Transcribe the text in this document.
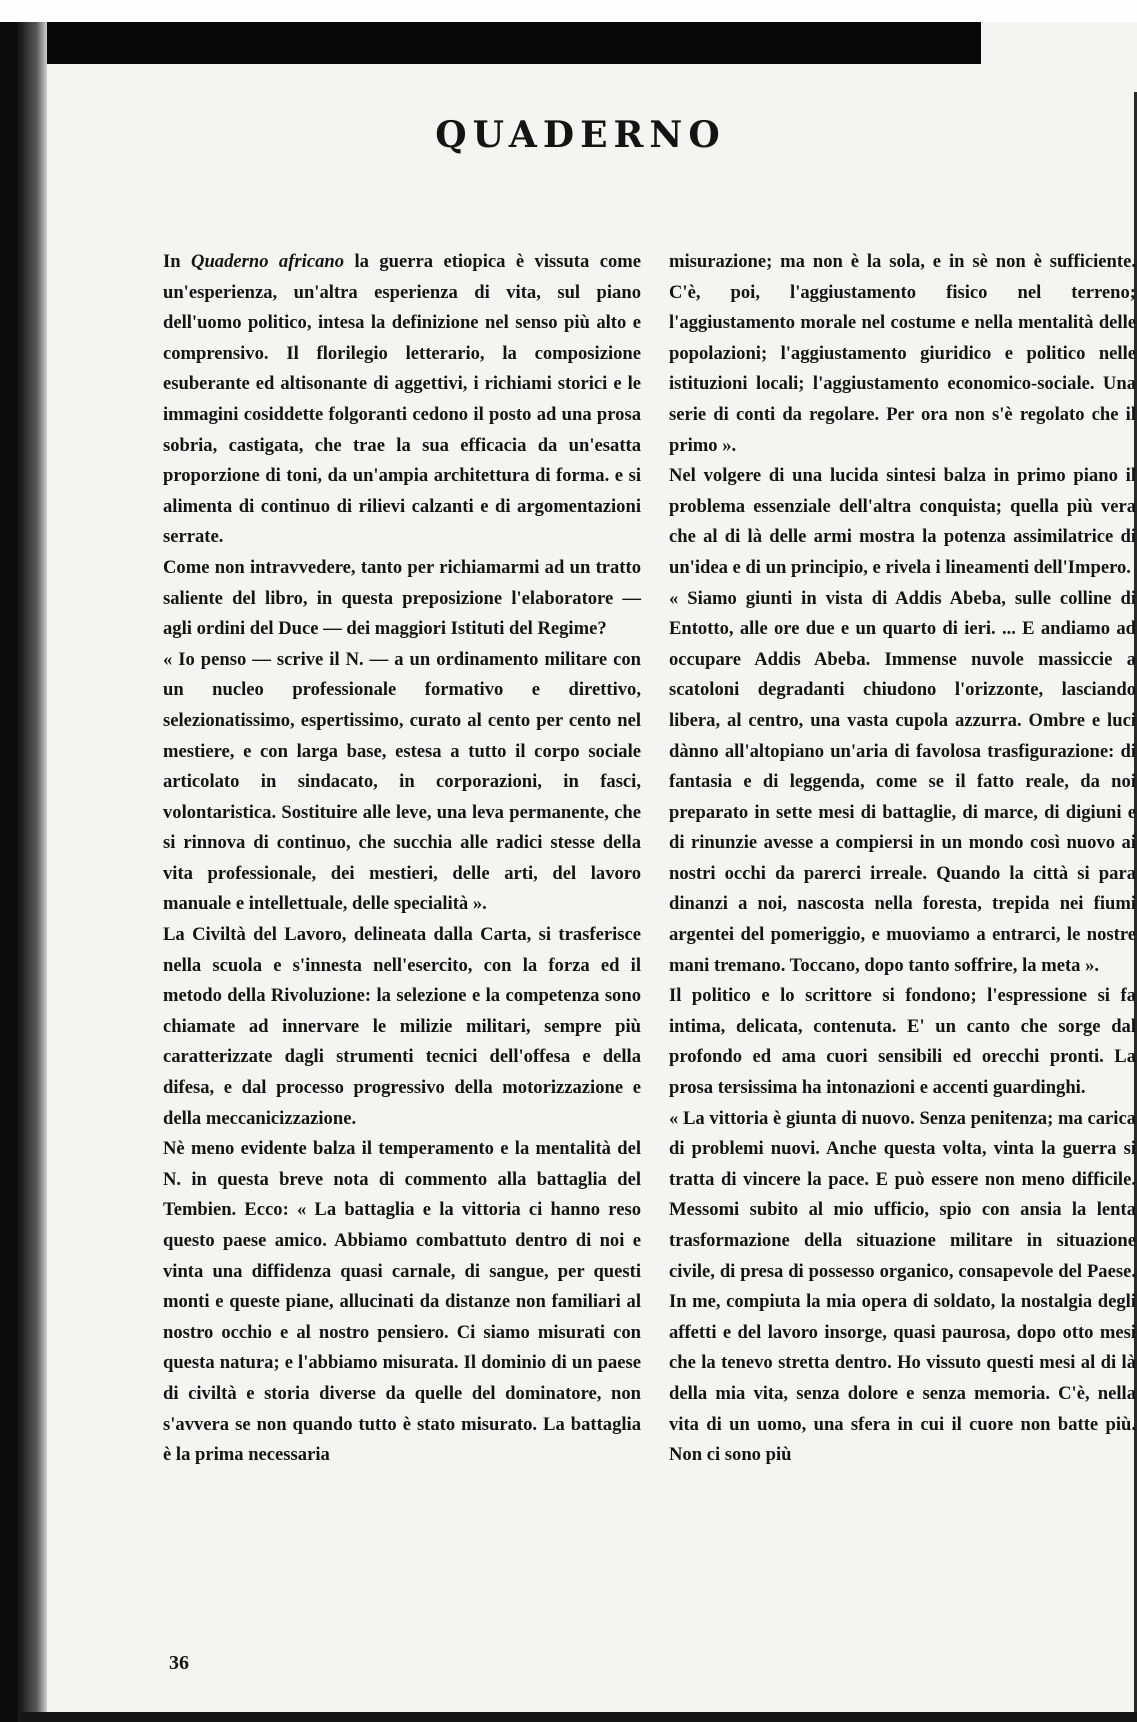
QUADERNO

In Quaderno africano la guerra etiopica è vissuta come un'esperienza, un'altra esperienza di vita, sul piano dell'uomo politico, intesa la definizione nel senso più alto e comprensivo. Il florilegio letterario, la composizione esuberante ed altisonante di aggettivi, i richiami storici e le immagini cosiddette folgoranti cedono il posto ad una prosa sobria, castigata, che trae la sua efficacia da un'esatta proporzione di toni, da un'ampia architettura di forma. e si alimenta di continuo di rilievi calzanti e di argomentazioni serrate.

Come non intravvedere, tanto per richiamarmi ad un tratto saliente del libro, in questa preposizione l'elaboratore — agli ordini del Duce — dei maggiori Istituti del Regime?

« Io penso — scrive il N. — a un ordinamento militare con un nucleo professionale formativo e direttivo, selezionatissimo, espertissimo, curato al cento per cento nel mestiere, e con larga base, estesa a tutto il corpo sociale articolato in sindacato, in corporazioni, in fasci, volontaristica. Sostituire alle leve, una leva permanente, che si rinnova di continuo, che succhia alle radici stesse della vita professionale, dei mestieri, delle arti, del lavoro manuale e intellettuale, delle specialità ».

La Civiltà del Lavoro, delineata dalla Carta, si trasferisce nella scuola e s'innesta nell'esercito, con la forza ed il metodo della Rivoluzione: la selezione e la competenza sono chiamate ad innervare le milizie militari, sempre più caratterizzate dagli strumenti tecnici dell'offesa e della difesa, e dal processo progressivo della motorizzazione e della meccanicizzazione.

Nè meno evidente balza il temperamento e la mentalità del N. in questa breve nota di commento alla battaglia del Tembien. Ecco: « La battaglia e la vittoria ci hanno reso questo paese amico. Abbiamo combattuto dentro di noi e vinta una diffidenza quasi carnale, di sangue, per questi monti e queste piane, allucinati da distanze non familiari al nostro occhio e al nostro pensiero. Ci siamo misurati con questa natura; e l'abbiamo misurata. Il dominio di un paese di civiltà e storia diverse da quelle del dominatore, non s'avvera se non quando tutto è stato misurato. La battaglia è la prima necessaria

misurazione; ma non è la sola, e in sè non è sufficiente. C'è, poi, l'aggiustamento fisico nel terreno; l'aggiustamento morale nel costume e nella mentalità delle popolazioni; l'aggiustamento giuridico e politico nelle istituzioni locali; l'aggiustamento economico-sociale. Una serie di conti da regolare. Per ora non s'è regolato che il primo ».

Nel volgere di una lucida sintesi balza in primo piano il problema essenziale dell'altra conquista; quella più vera che al di là delle armi mostra la potenza assimilatrice di un'idea e di un principio, e rivela i lineamenti dell'Impero.

« Siamo giunti in vista di Addis Abeba, sulle colline di Entotto, alle ore due e un quarto di ieri. ... E andiamo ad occupare Addis Abeba. Immense nuvole massiccie a scatoloni degradanti chiudono l'orizzonte, lasciando libera, al centro, una vasta cupola azzurra. Ombre e luci dànno all'altopiano un'aria di favolosa trasfigurazione: di fantasia e di leggenda, come se il fatto reale, da noi preparato in sette mesi di battaglie, di marce, di digiuni e di rinunzie avesse a compiersi in un mondo così nuovo ai nostri occhi da parerci irreale. Quando la città si para dinanzi a noi, nascosta nella foresta, trepida nei fiumi argentei del pomeriggio, e muoviamo a entrarci, le nostre mani tremano. Toccano, dopo tanto soffrire, la meta ».

Il politico e lo scrittore si fondono; l'espressione si fa intima, delicata, contenuta. E' un canto che sorge dal profondo ed ama cuori sensibili ed orecchi pronti. La prosa tersissima ha intonazioni e accenti guardinghi.

« La vittoria è giunta di nuovo. Senza penitenza; ma carica di problemi nuovi. Anche questa volta, vinta la guerra si tratta di vincere la pace. E può essere non meno difficile. Messomi subito al mio ufficio, spio con ansia la lenta trasformazione della situazione militare in situazione civile, di presa di possesso organico, consapevole del Paese. In me, compiuta la mia opera di soldato, la nostalgia degli affetti e del lavoro insorge, quasi paurosa, dopo otto mesi che la tenevo stretta dentro. Ho vissuto questi mesi al di là della mia vita, senza dolore e senza memoria. C'è, nella vita di un uomo, una sfera in cui il cuore non batte più. Non ci sono più

36
